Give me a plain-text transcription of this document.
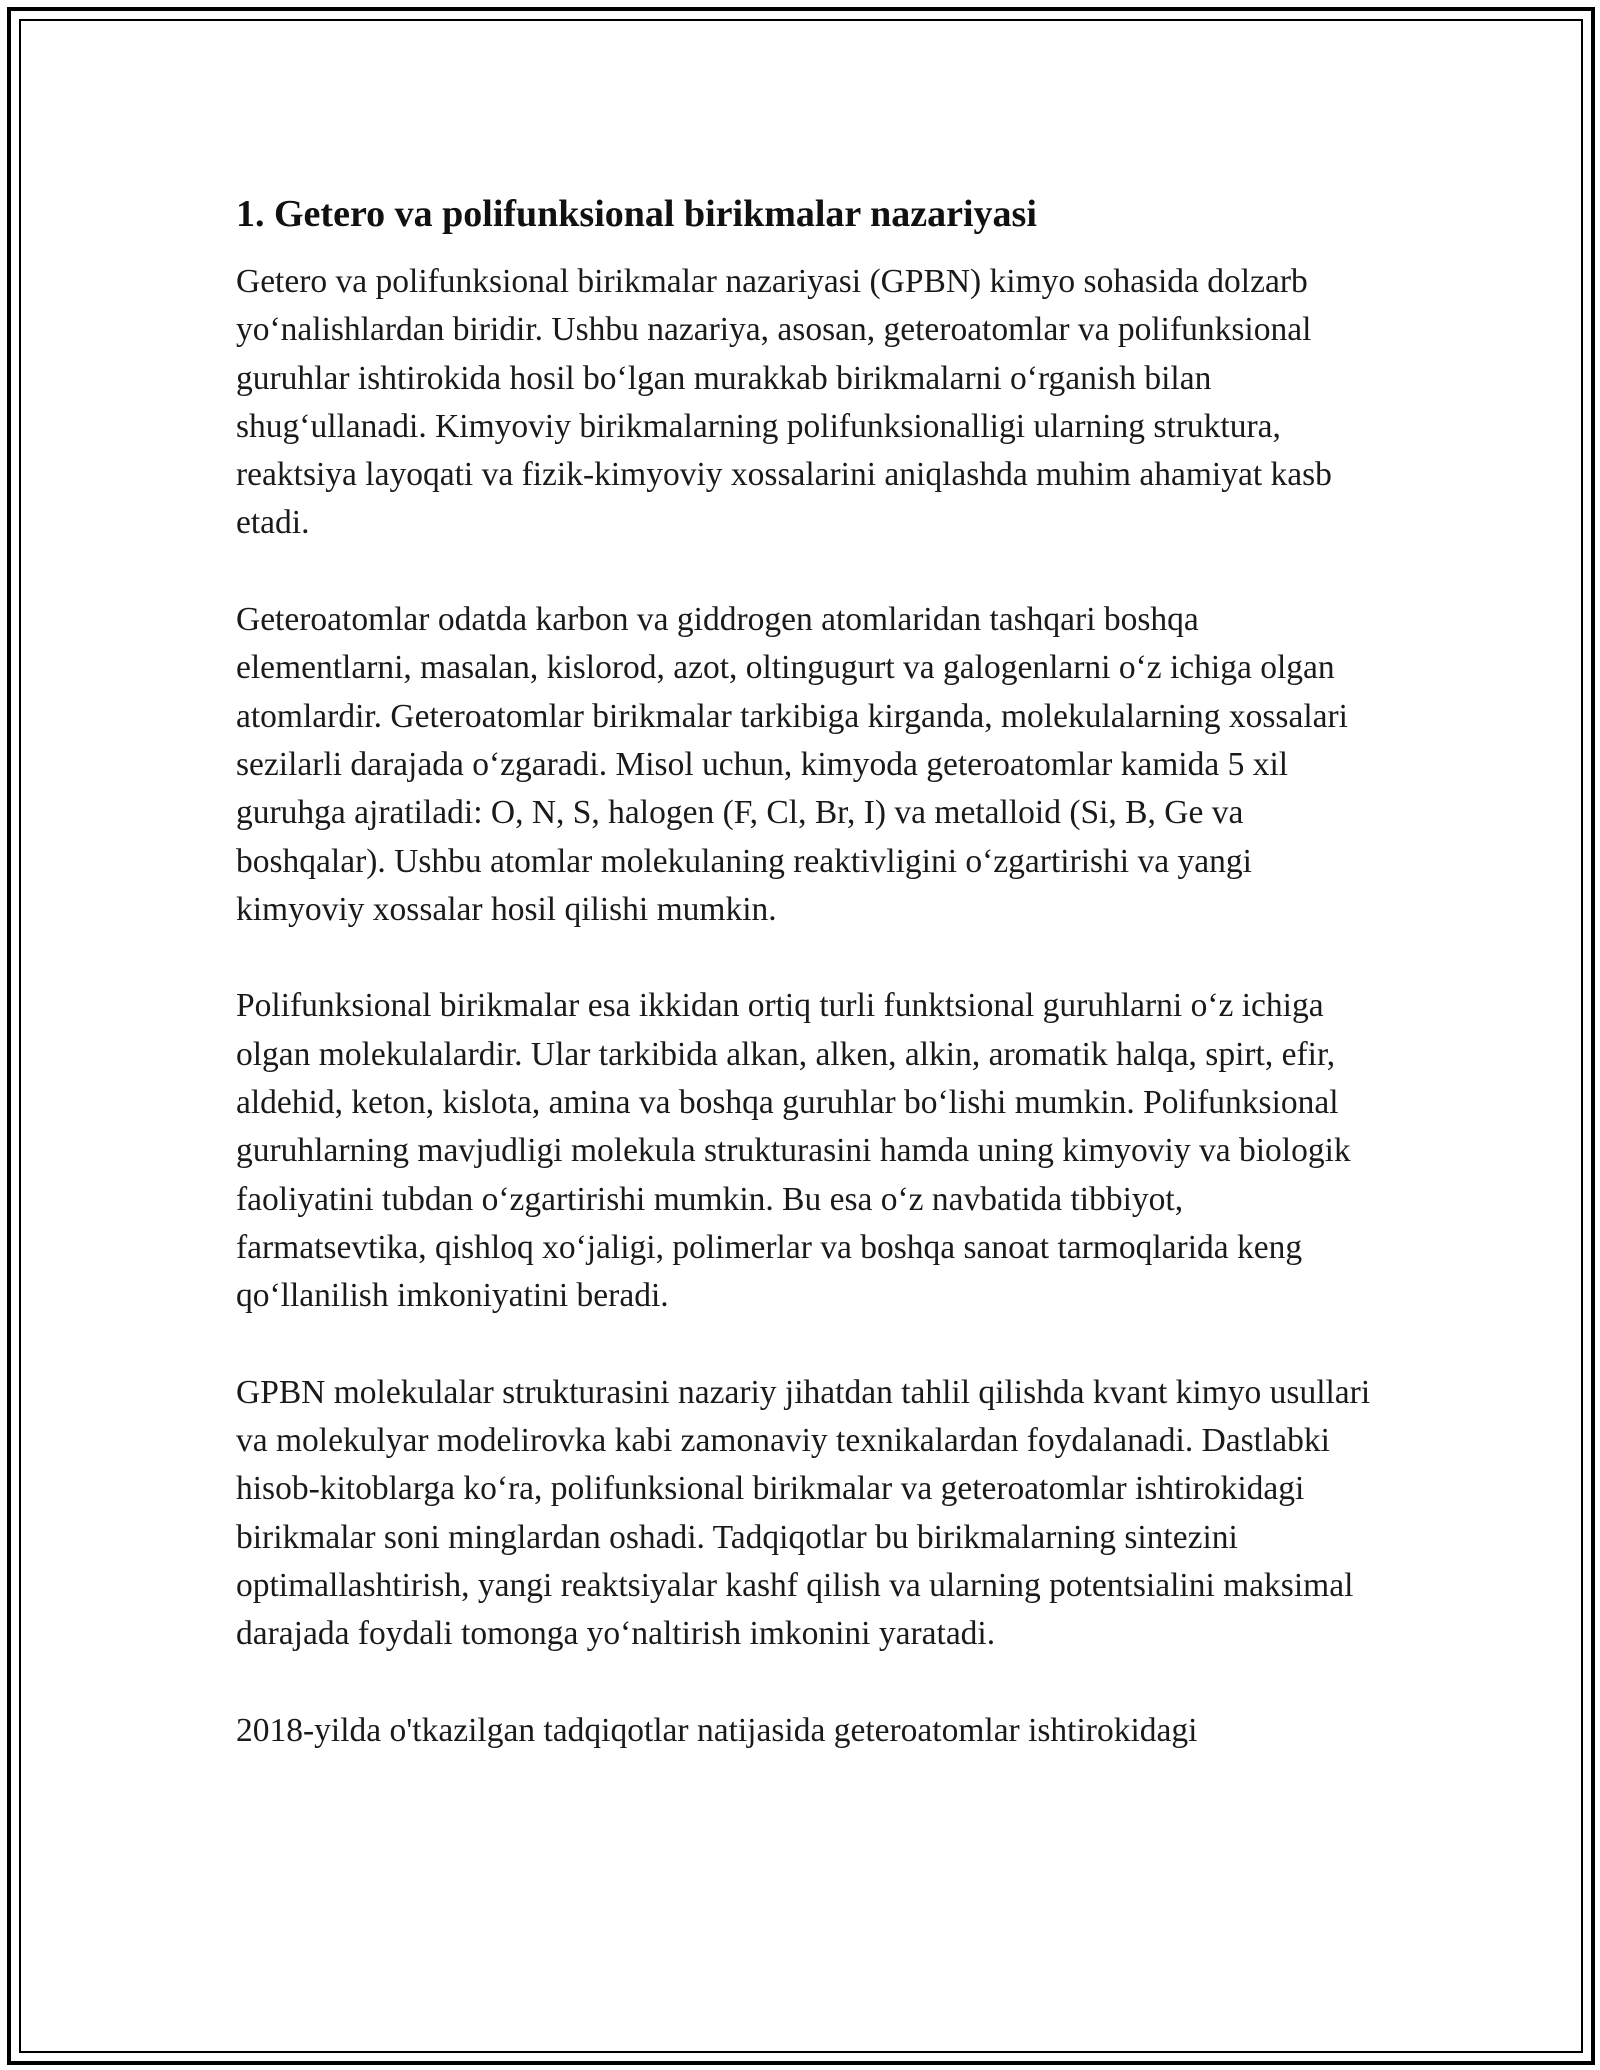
1. Getero va polifunksional birikmalar nazariyasi

Getero va polifunksional birikmalar nazariyasi (GPBN) kimyo sohasida dolzarb yo‘nalishlardan biridir. Ushbu nazariya, asosan, geteroatomlar va polifunksional guruhlar ishtirokida hosil bo‘lgan murakkab birikmalarni o‘rganish bilan shug‘ullanadi. Kimyoviy birikmalarning polifunksionalligi ularning struktura, reaktsiya layoqati va fizik-kimyoviy xossalarini aniqlashda muhim ahamiyat kasb etadi.

Geteroatomlar odatda karbon va giddrogen atomlaridan tashqari boshqa elementlarni, masalan, kislorod, azot, oltingugurt va galogenlarni o‘z ichiga olgan atomlardir. Geteroatomlar birikmalar tarkibiga kirganda, molekulalarning xossalari sezilarli darajada o‘zgaradi. Misol uchun, kimyoda geteroatomlar kamida 5 xil guruhga ajratiladi: O, N, S, halogen (F, Cl, Br, I) va metalloid (Si, B, Ge va boshqalar). Ushbu atomlar molekulaning reaktivligini o‘zgartirishi va yangi kimyoviy xossalar hosil qilishi mumkin.

Polifunksional birikmalar esa ikkidan ortiq turli funktsional guruhlarni o‘z ichiga olgan molekulalardir. Ular tarkibida alkan, alken, alkin, aromatik halqa, spirt, efir, aldehid, keton, kislota, amina va boshqa guruhlar bo‘lishi mumkin. Polifunksional guruhlarning mavjudligi molekula strukturasini hamda uning kimyoviy va biologik faoliyatini tubdan o‘zgartirishi mumkin. Bu esa o‘z navbatida tibbiyot, farmatsevtika, qishloq xo‘jaligi, polimerlar va boshqa sanoat tarmoqlarida keng qo‘llanilish imkoniyatini beradi.

GPBN molekulalar strukturasini nazariy jihatdan tahlil qilishda kvant kimyo usullari va molekulyar modelirovka kabi zamonaviy texnikalardan foydalanadi. Dastlabki hisob-kitoblarga ko‘ra, polifunksional birikmalar va geteroatomlar ishtirokidagi birikmalar soni minglardan oshadi. Tadqiqotlar bu birikmalarning sintezini optimallashtirish, yangi reaktsiyalar kashf qilish va ularning potentsialini maksimal darajada foydali tomonga yo‘naltirish imkonini yaratadi.

2018-yilda o'tkazilgan tadqiqotlar natijasida geteroatomlar ishtirokidagi
